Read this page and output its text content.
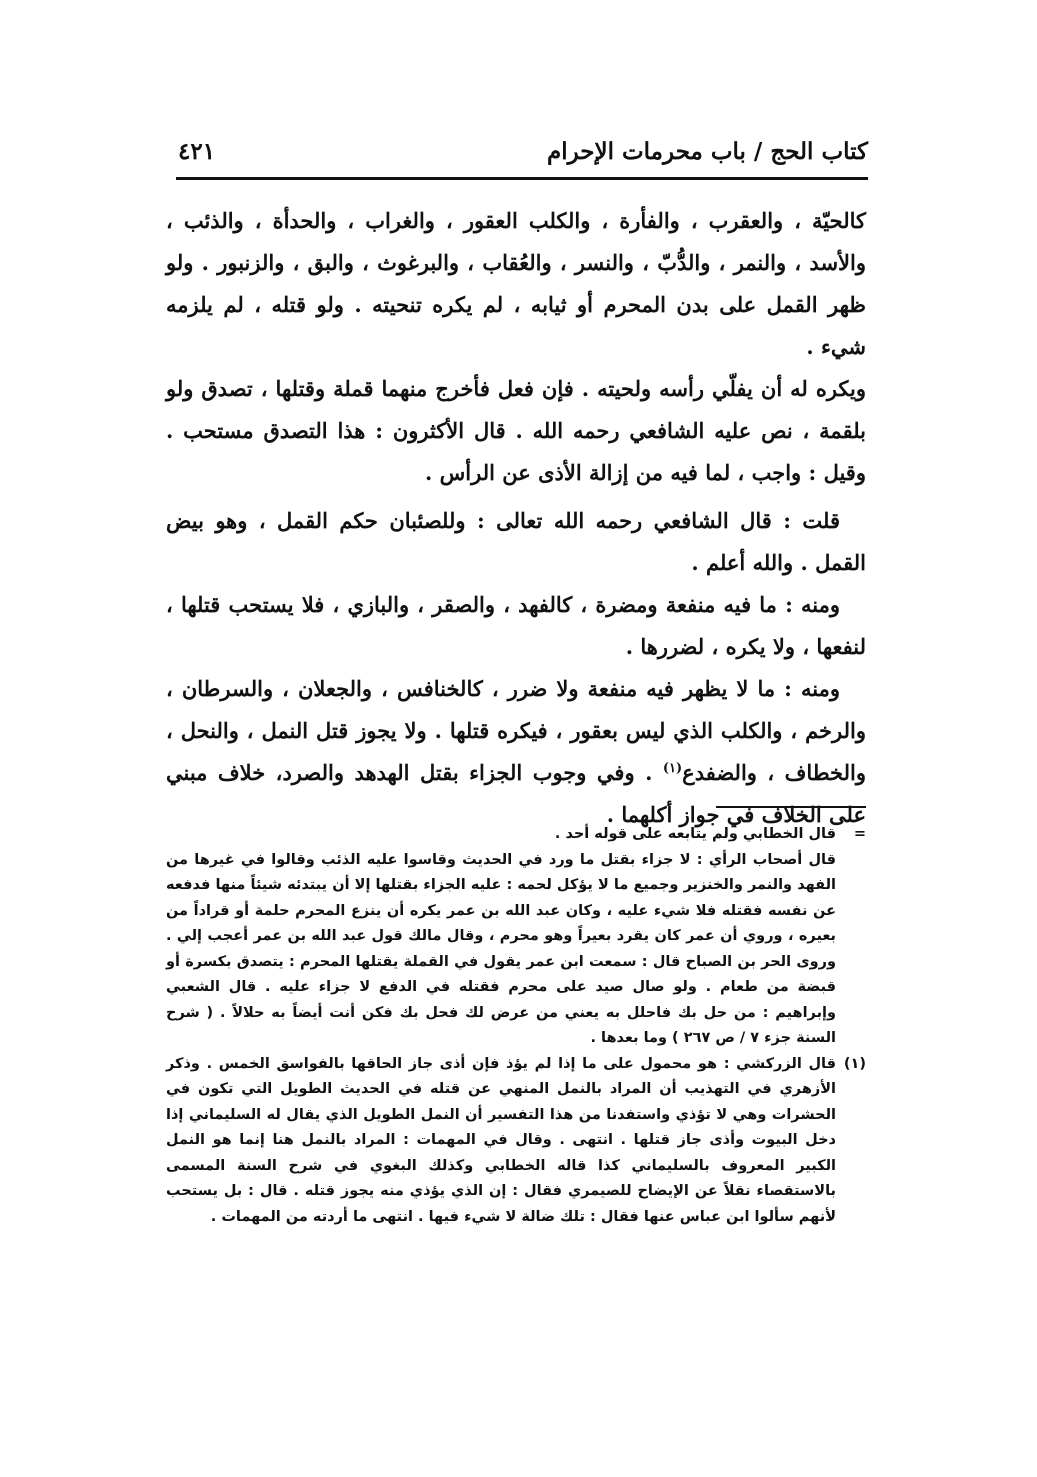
كتاب الحج / باب محرمات الإحرام
٤٢١

كالحيّة ، والعقرب ، والفأرة ، والكلب العقور ، والغراب ، والحدأة ، والذئب ، والأسد ، والنمر ، والدُّبّ ، والنسر ، والعُقاب ، والبرغوث ، والبق ، والزنبور . ولو ظهر القمل على بدن المحرم أو ثيابه ، لم يكره تنحيته . ولو قتله ، لم يلزمه شيء .

ويكره له أن يفلّي رأسه ولحيته . فإن فعل فأخرج منهما قملة وقتلها ، تصدق ولو بلقمة ، نص عليه الشافعي رحمه الله . قال الأكثرون : هذا التصدق مستحب . وقيل : واجب ، لما فيه من إزالة الأذى عن الرأس .

قلت : قال الشافعي رحمه الله تعالى : وللصئبان حكم القمل ، وهو بيض القمل . والله أعلم .

ومنه : ما فيه منفعة ومضرة ، كالفهد ، والصقر ، والبازي ، فلا يستحب قتلها ، لنفعها ، ولا يكره ، لضررها .

ومنه : ما لا يظهر فيه منفعة ولا ضرر ، كالخنافس ، والجعلان ، والسرطان ، والرخم ، والكلب الذي ليس بعقور ، فيكره قتلها . ولا يجوز قتل النمل ، والنحل ، والخطاف ، والضفدع$^{(١)}$ . وفي وجوب الجزاء بقتل الهدهد والصرد، خلاف مبني على الخلاف في جواز أكلهما .

=

قال الخطابي ولم يتابعه على قوله أحد .

قال أصحاب الرأي : لا جزاء بقتل ما ورد في الحديث وقاسوا عليه الذئب وقالوا في غيرها من الفهد والنمر والخنزير وجميع ما لا يؤكل لحمه : عليه الجزاء بقتلها إلا أن يبتدئه شيئاً منها فدفعه عن نفسه فقتله فلا شيء عليه ، وكان عبد الله بن عمر يكره أن ينزع المحرم حلمة أو قراداً من بعيره ، وروي أن عمر كان يقرد بعيراً وهو محرم ، وقال مالك قول عبد الله بن عمر أعجب إلي . وروى الحر بن الصباح قال : سمعت ابن عمر يقول في القملة يقتلها المحرم : يتصدق بكسرة أو قبضة من طعام . ولو صال صيد على محرم فقتله في الدفع لا جزاء عليه . قال الشعبي وإبراهيم : من حل بك فاحلل به يعني من عرض لك فحل بك فكن أنت أيضاً به حلالاً . ( شرح السنة جزء ٧ / ص ٢٦٧ ) وما بعدها .

(١)

قال الزركشي : هو محمول على ما إذا لم يؤذ فإن أذى جاز الحاقها بالفواسق الخمس . وذكر الأزهري في التهذيب أن المراد بالنمل المنهي عن قتله في الحديث الطويل التي تكون في الحشرات وهي لا تؤذي واستفدنا من هذا التفسير أن النمل الطويل الذي يقال له السليماني إذا دخل البيوت وأذى جاز قتلها . انتهى . وقال في المهمات : المراد بالنمل هنا إنما هو النمل الكبير المعروف بالسليماني كذا قاله الخطابي وكذلك البغوي في شرح السنة المسمى بالاستقصاء نقلاً عن الإيضاح للصيمري فقال : إن الذي يؤذي منه يجوز قتله . قال : بل يستحب لأنهم سألوا ابن عباس عنها فقال : تلك ضالة لا شيء فيها . انتهى ما أردته من المهمات .
